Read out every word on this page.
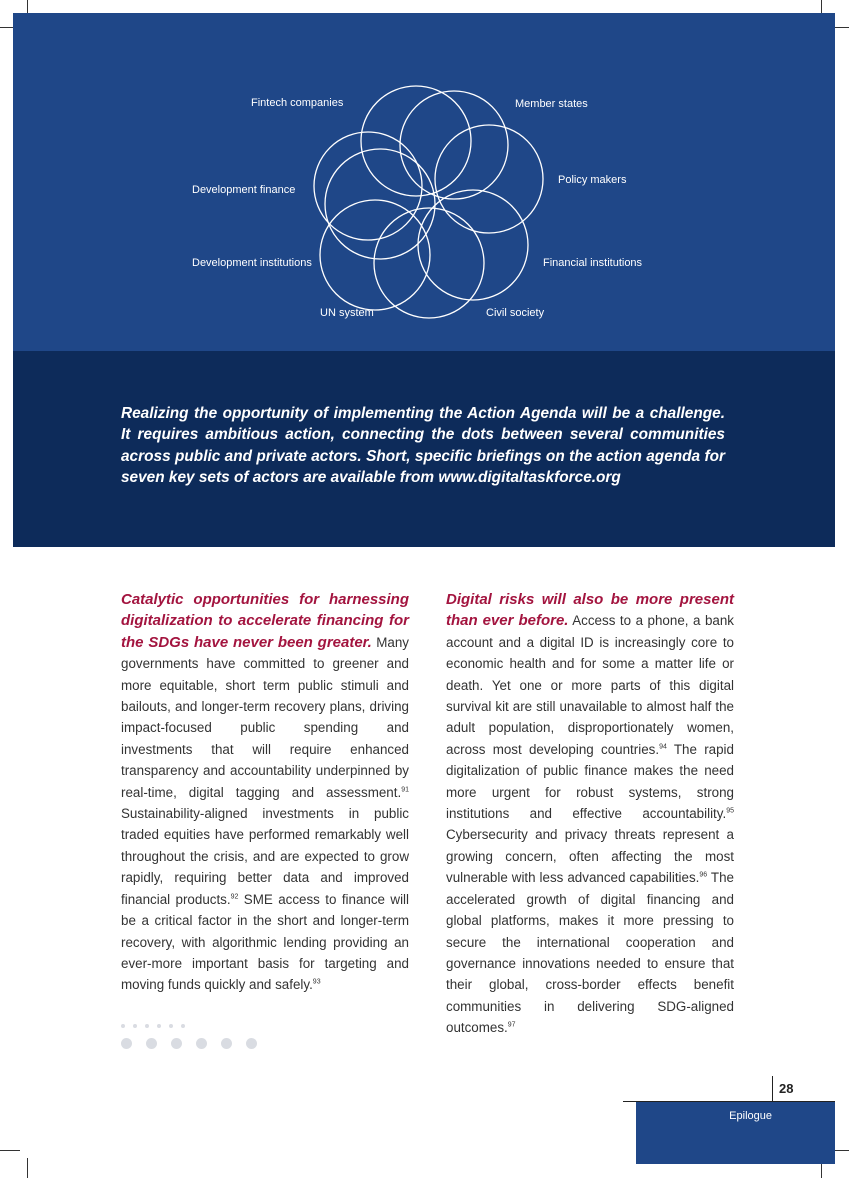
Fintech companies	Member states
Development finance
Policy makers
Development institutions	Financial institutions
UN system	Civil society

Realizing the opportunity of implementing the Action Agenda will be a challenge. It requires ambitious action, connecting the dots between several communities across public and private actors. Short, specific briefings on the action agenda for seven key sets of actors are available from www.digitaltaskforce.org

Catalytic opportunities for harnessing digitalization to accelerate financing for the SDGs have never been greater. Many governments have committed to greener and more equitable, short term public stimuli and bailouts, and longer-term recovery plans, driving impact-focused public spending and investments that will require enhanced transparency and accountability underpinned by real-time, digital tagging and assessment.$^{91}$ Sustainability-aligned investments in public traded equities have performed remarkably well throughout the crisis, and are expected to grow rapidly, requiring better data and improved financial products.$^{92}$ SME access to finance will be a critical factor in the short and longer-term recovery, with algorithmic lending providing an ever-more important basis for targeting and moving funds quickly and safely.$^{93}$

Digital risks will also be more present than ever before. Access to a phone, a bank account and a digital ID is increasingly core to economic health and for some a matter life or death. Yet one or more parts of this digital survival kit are still unavailable to almost half the adult population, disproportionately women, across most developing countries.$^{94}$ The rapid digitalization of public finance makes the need more urgent for robust systems, strong institutions and effective accountability.$^{95}$ Cybersecurity and privacy threats represent a growing concern, often affecting the most vulnerable with less advanced capabilities.$^{96}$ The accelerated growth of digital financing and global platforms, makes it more pressing to secure the international cooperation and governance innovations needed to ensure that their global, cross-border effects benefit communities in delivering SDG-aligned outcomes.$^{97}$

28
Epilogue
